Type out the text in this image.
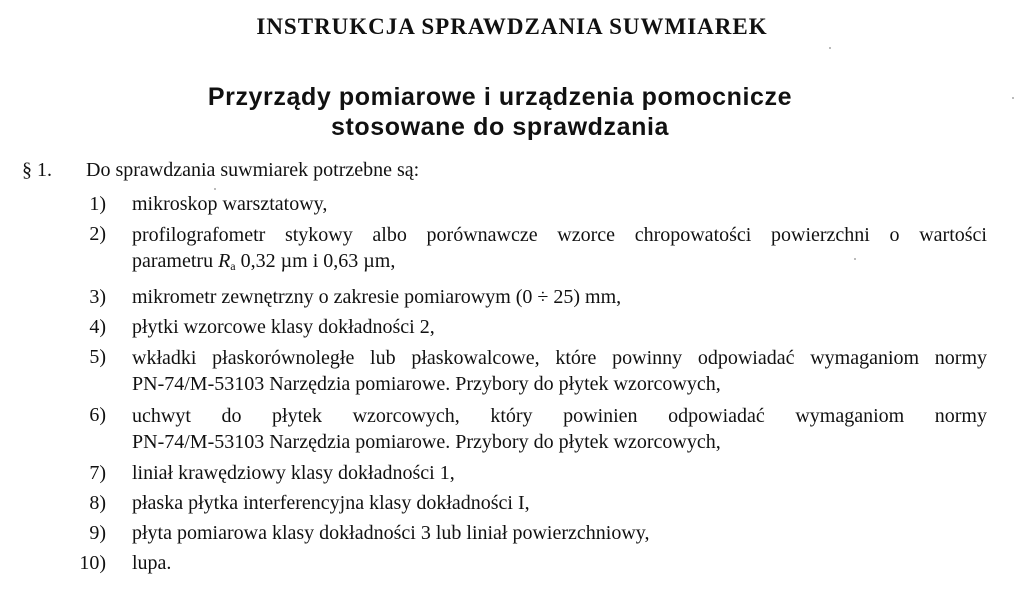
INSTRUKCJA SPRAWDZANIA SUWMIAREK
Przyrządy pomiarowe i urządzenia pomocnicze
stosowane do sprawdzania
§ 1. Do sprawdzania suwmiarek potrzebne są:
1) mikroskop warsztatowy,
2) profilografometr stykowy albo porównawcze wzorce chropowatości powierzchni o wartości
parametru $R_a$ 0,32 µm i 0,63 µm,
3) mikrometr zewnętrzny o zakresie pomiarowym (0 ÷ 25) mm,
4) płytki wzorcowe klasy dokładności 2,
5) wkładki płaskorównoległe lub płaskowalcowe, które powinny odpowiadać wymaganiom normy
PN-74/M-53103 Narzędzia pomiarowe. Przybory do płytek wzorcowych,
6) uchwyt do płytek wzorcowych, który powinien odpowiadać wymaganiom normy
PN-74/M-53103 Narzędzia pomiarowe. Przybory do płytek wzorcowych,
7) liniał krawędziowy klasy dokładności 1,
8) płaska płytka interferencyjna klasy dokładności I,
9) płyta pomiarowa klasy dokładności 3 lub liniał powierzchniowy,
10) lupa.
